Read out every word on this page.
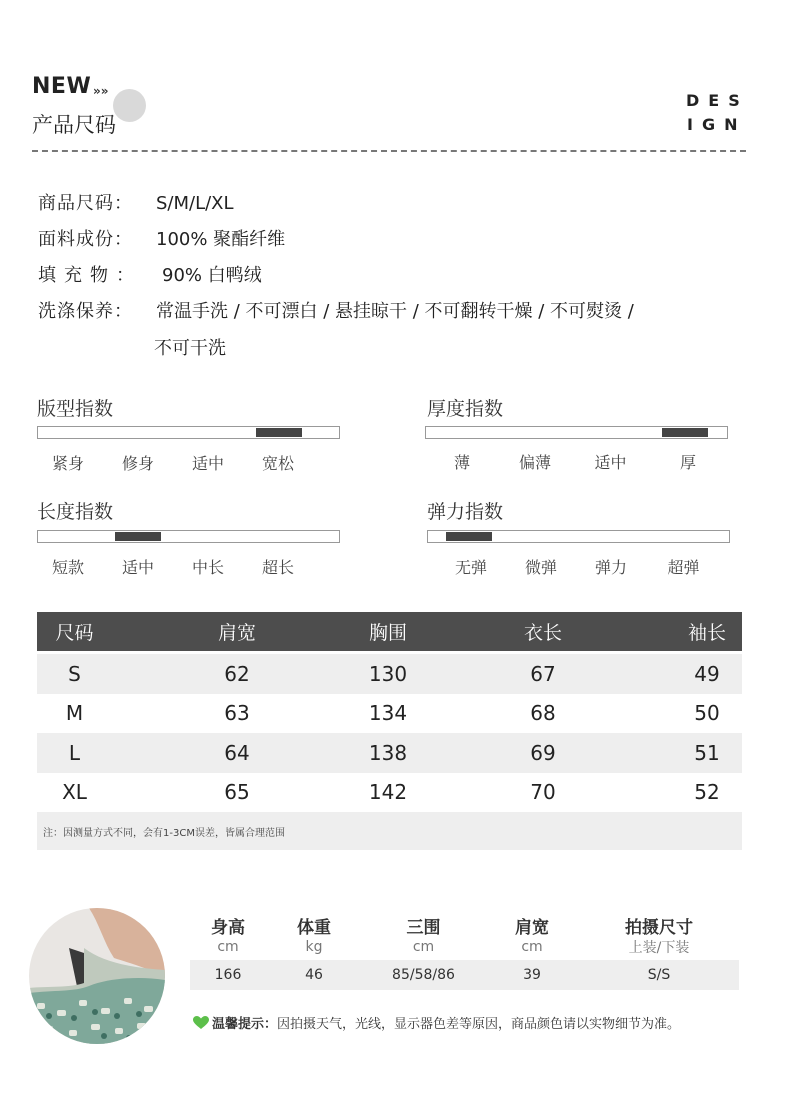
NEW »»
产品尺码
DES
IGN
商品尺码： S/M/L/XL
面料成份： 100% 聚酯纤维
填充物： 90% 白鸭绒
洗涤保养： 常温手洗 / 不可漂白 / 悬挂晾干 / 不可翻转干燥 / 不可熨烫 /
不可干洗
版型指数
紧身	修身	适中	宽松
厚度指数
薄	偏薄	适中	厚
长度指数
短款	适中	中长	超长
弹力指数
无弹	微弹	弹力	超弹
尺码	肩宽	胸围	衣长	袖长
S	62	130	67	49
M	63	134	68	50
L	64	138	69	51
XL	65	142	70	52
注：因测量方式不同，会有1-3CM误差，皆属合理范围
身高	体重	三围	肩宽	拍摄尺寸
cm	kg	cm	cm	上装/下装
166	46	85/58/86	39	S/S
温馨提示： 因拍摄天气，光线，显示器色差等原因，商品颜色请以实物细节为准。
